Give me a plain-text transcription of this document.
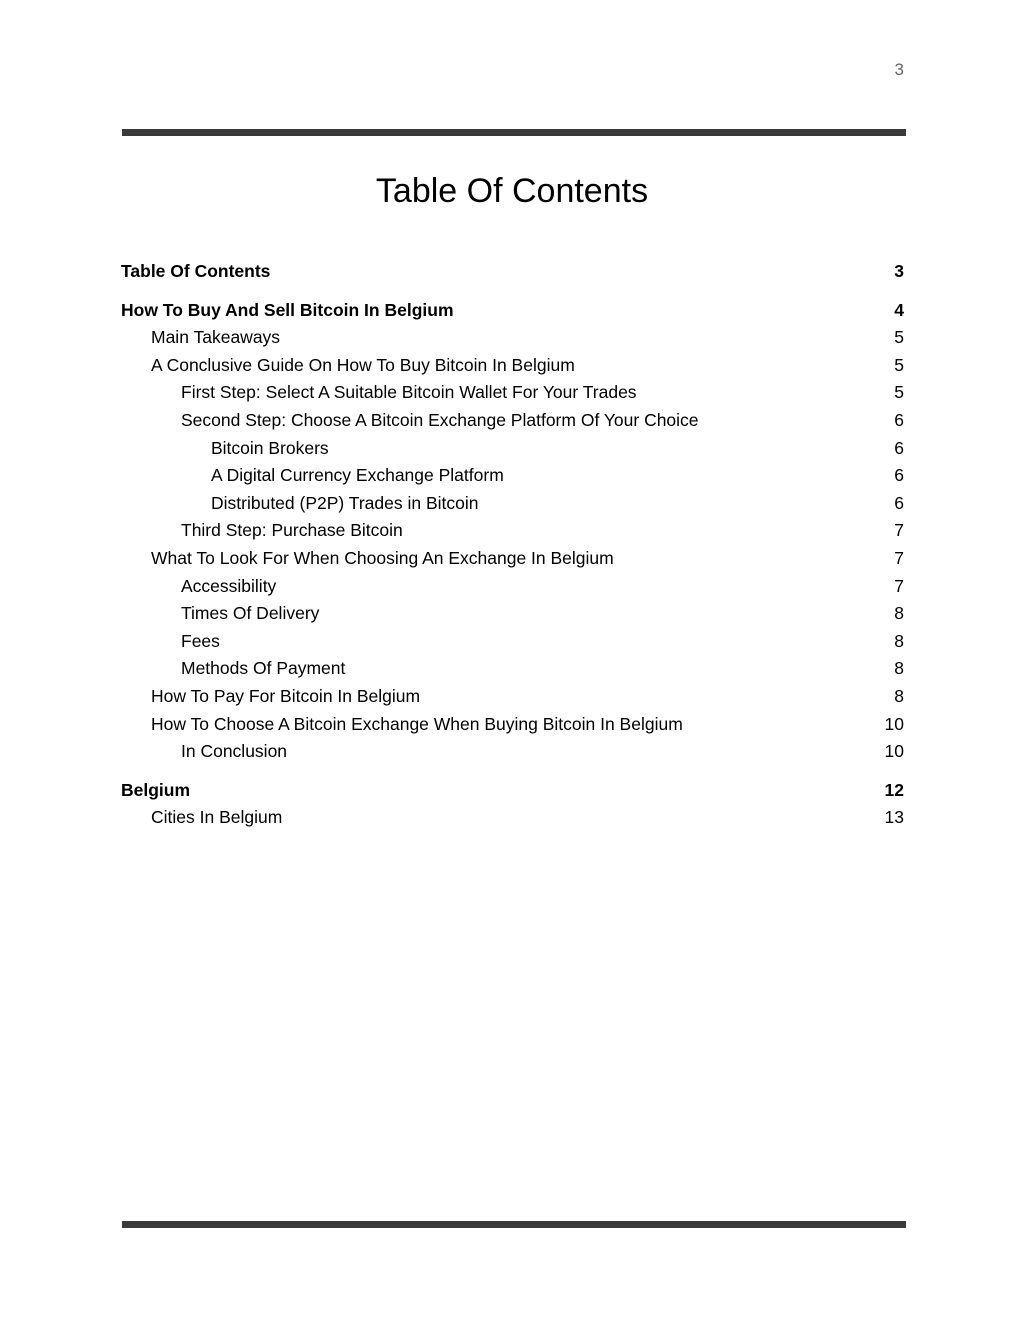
3
Table Of Contents
Table Of Contents	3
How To Buy And Sell Bitcoin In Belgium	4
Main Takeaways	5
A Conclusive Guide On How To Buy Bitcoin In Belgium	5
First Step: Select A Suitable Bitcoin Wallet For Your Trades	5
Second Step: Choose A Bitcoin Exchange Platform Of Your Choice	6
Bitcoin Brokers	6
A Digital Currency Exchange Platform	6
Distributed (P2P) Trades in Bitcoin	6
Third Step: Purchase Bitcoin	7
What To Look For When Choosing An Exchange In Belgium	7
Accessibility	7
Times Of Delivery	8
Fees	8
Methods Of Payment	8
How To Pay For Bitcoin In Belgium	8
How To Choose A Bitcoin Exchange When Buying Bitcoin In Belgium	10
In Conclusion	10
Belgium	12
Cities In Belgium	13
